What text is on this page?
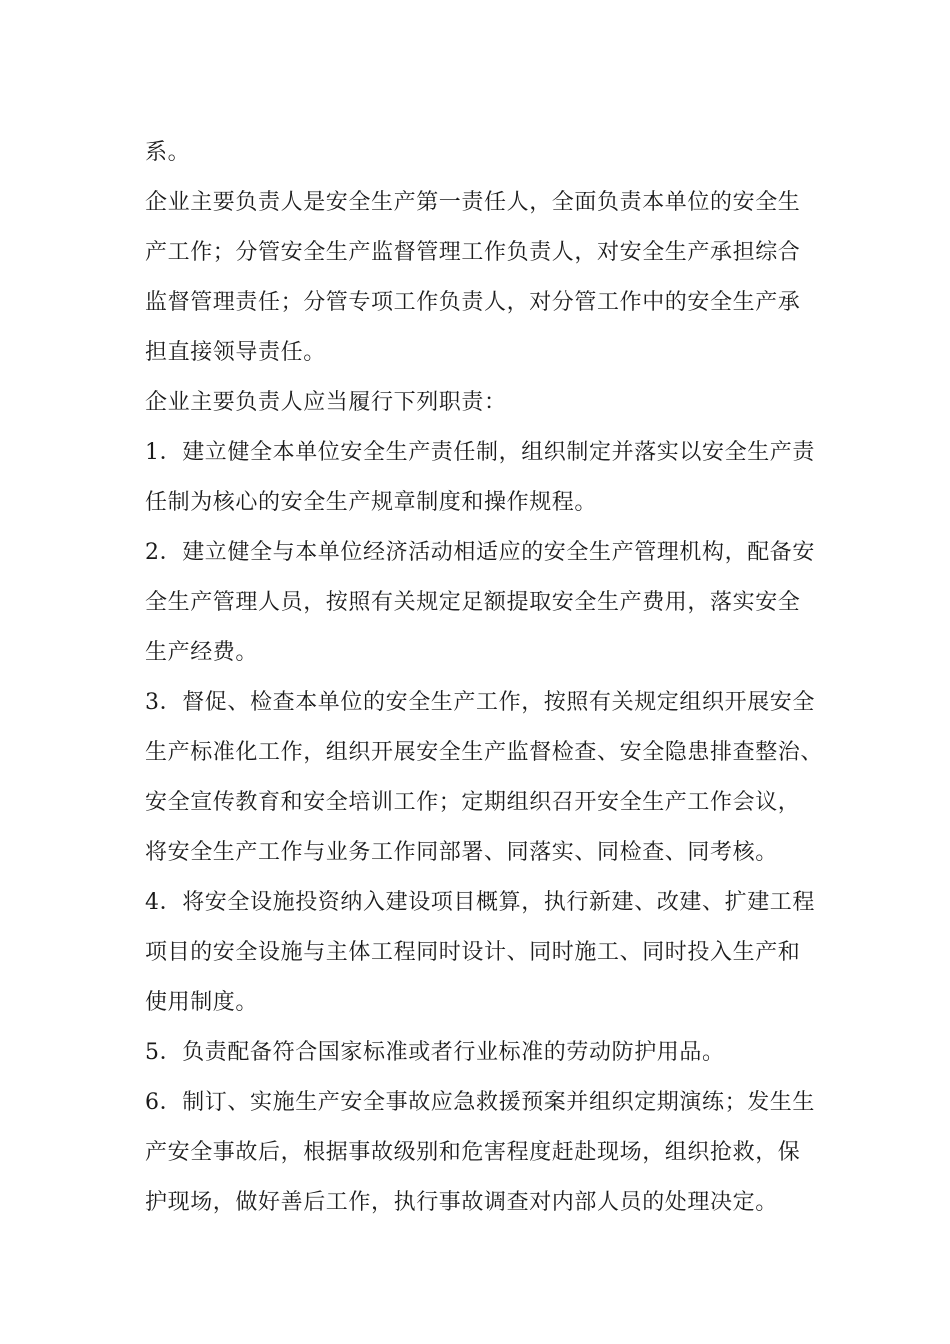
系。
企业主要负责人是安全生产第一责任人，全面负责本单位的安全生
产工作；分管安全生产监督管理工作负责人，对安全生产承担综合
监督管理责任；分管专项工作负责人，对分管工作中的安全生产承
担直接领导责任。
企业主要负责人应当履行下列职责：
1．建立健全本单位安全生产责任制，组织制定并落实以安全生产责
任制为核心的安全生产规章制度和操作规程。
2．建立健全与本单位经济活动相适应的安全生产管理机构，配备安
全生产管理人员，按照有关规定足额提取安全生产费用，落实安全
生产经费。
3．督促、检查本单位的安全生产工作，按照有关规定组织开展安全
生产标准化工作，组织开展安全生产监督检查、安全隐患排查整治、
安全宣传教育和安全培训工作；定期组织召开安全生产工作会议，
将安全生产工作与业务工作同部署、同落实、同检查、同考核。
4．将安全设施投资纳入建设项目概算，执行新建、改建、扩建工程
项目的安全设施与主体工程同时设计、同时施工、同时投入生产和
使用制度。
5．负责配备符合国家标准或者行业标准的劳动防护用品。
6．制订、实施生产安全事故应急救援预案并组织定期演练；发生生
产安全事故后，根据事故级别和危害程度赶赴现场，组织抢救，保
护现场，做好善后工作，执行事故调查对内部人员的处理决定。
